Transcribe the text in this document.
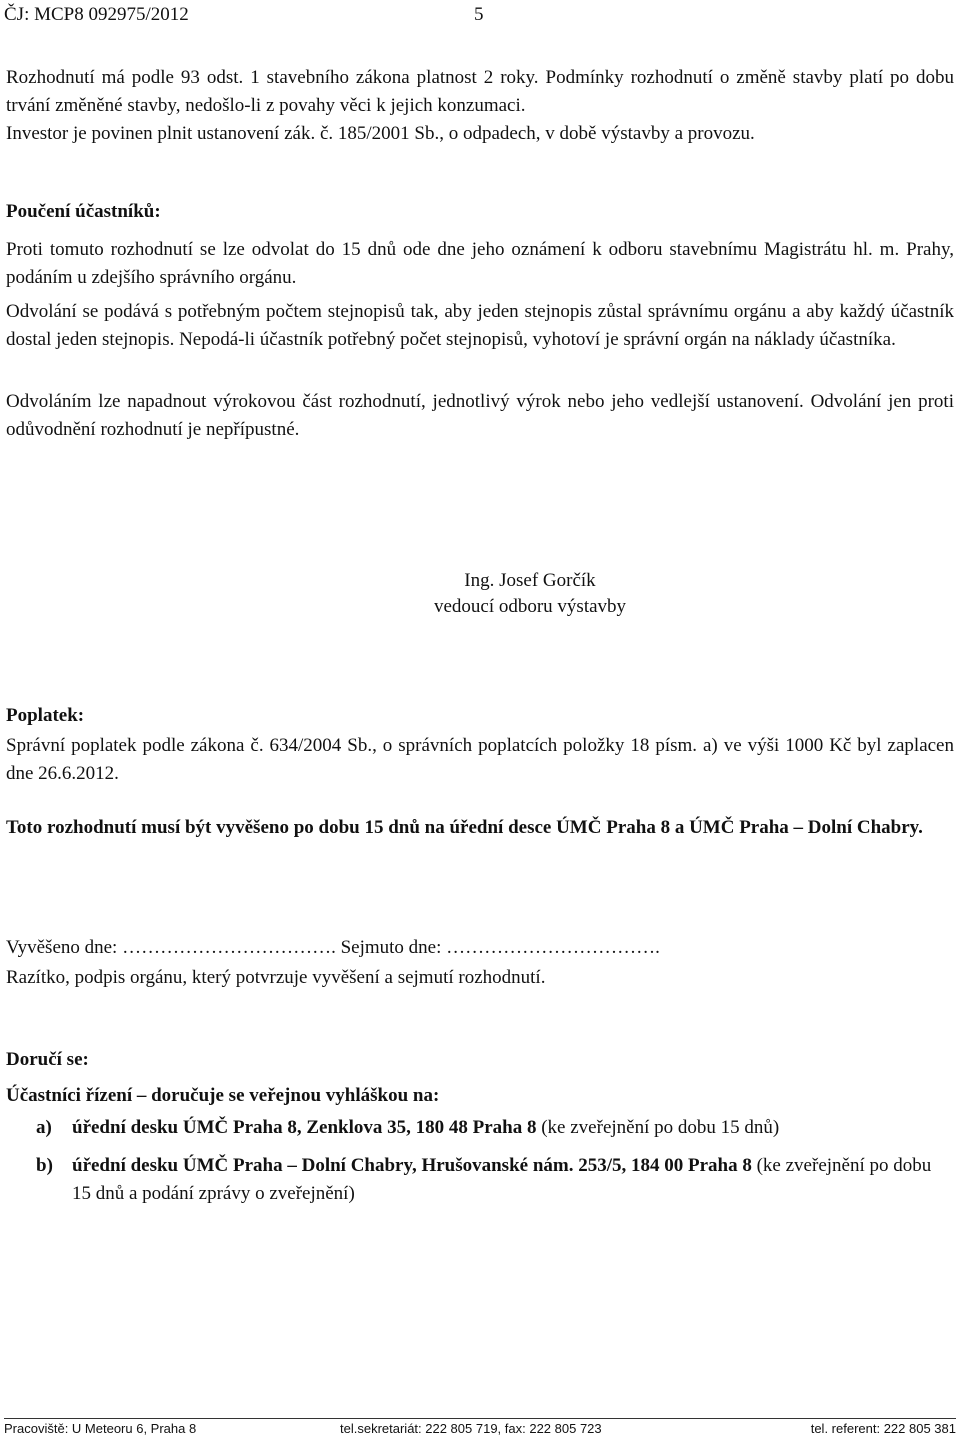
ČJ: MCP8 092975/2012	5

Rozhodnutí má podle 93 odst. 1 stavebního zákona platnost 2 roky. Podmínky rozhodnutí o změně stavby platí po dobu trvání změněné stavby, nedošlo-li z povahy věci k jejich konzumaci.

Investor je povinen plnit ustanovení zák. č. 185/2001 Sb., o odpadech, v době výstavby a provozu.

Poučení účastníků:

Proti tomuto rozhodnutí se lze odvolat do 15 dnů ode dne jeho oznámení k odboru stavebnímu Magistrátu hl. m. Prahy, podáním u zdejšího správního orgánu.

Odvolání se podává s potřebným počtem stejnopisů tak, aby jeden stejnopis zůstal správnímu orgánu a aby každý účastník dostal jeden stejnopis. Nepodá-li účastník potřebný počet stejnopisů, vyhotoví je správní orgán na náklady účastníka.

Odvoláním lze napadnout výrokovou část rozhodnutí, jednotlivý výrok nebo jeho vedlejší ustanovení. Odvolání jen proti odůvodnění rozhodnutí je nepřípustné.

Ing. Josef Gorčík
vedoucí odboru výstavby

Poplatek:

Správní poplatek podle zákona č. 634/2004 Sb., o správních poplatcích položky 18 písm. a) ve výši 1000 Kč byl zaplacen dne 26.6.2012.

Toto rozhodnutí musí být vyvěšeno po dobu 15 dnů na úřední desce ÚMČ Praha 8 a ÚMČ Praha – Dolní Chabry.

Vyvěšeno dne: ……………………………. Sejmuto dne: …………………………….

Razítko, podpis orgánu, který potvrzuje vyvěšení a sejmutí rozhodnutí.

Doručí se:

Účastníci řízení – doručuje se veřejnou vyhláškou na:

a) úřední desku ÚMČ Praha 8, Zenklova 35, 180 48 Praha 8 (ke zveřejnění po dobu 15 dnů)
b) úřední desku ÚMČ Praha – Dolní Chabry, Hrušovanské nám. 253/5, 184 00 Praha 8 (ke zveřejnění po dobu 15 dnů a podání zprávy o zveřejnění)
Pracoviště: U Meteoru 6, Praha 8	tel.sekretariát: 222 805 719, fax: 222 805 723	tel. referent: 222 805 381
